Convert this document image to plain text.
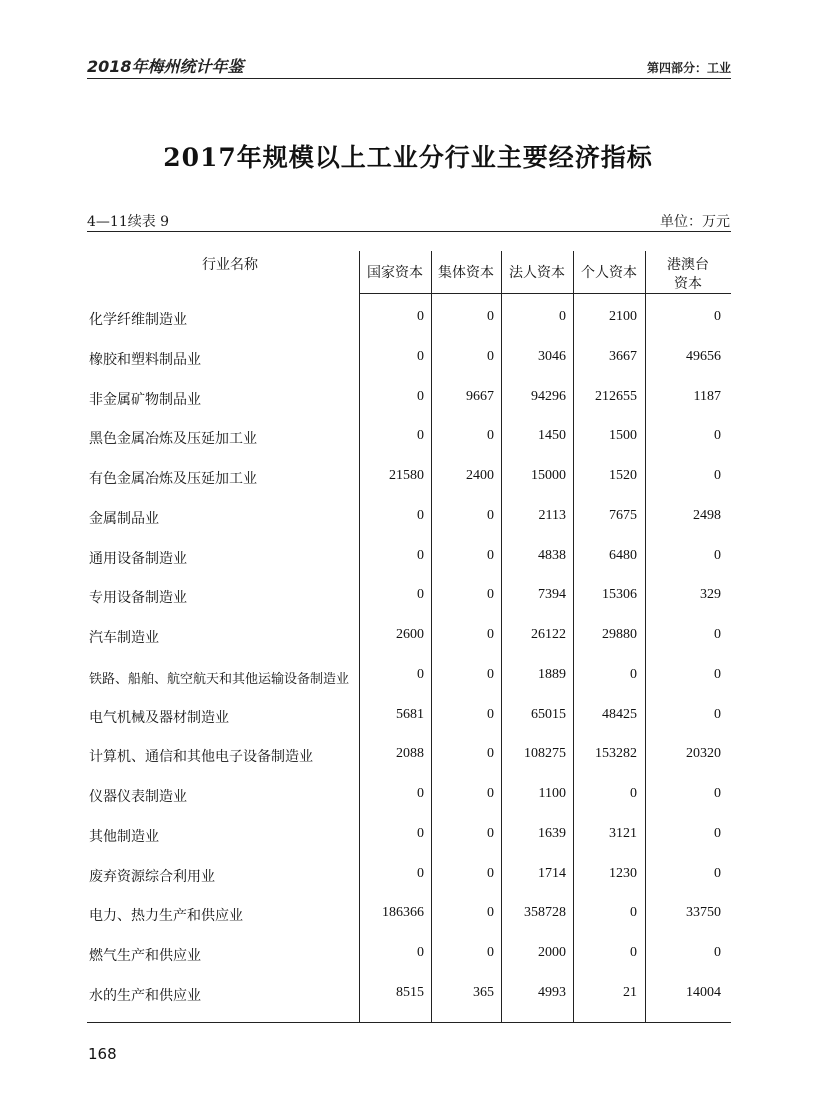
2018年梅州统计年鉴	第四部分：工业
2017年规模以上工业分行业主要经济指标
4—11续表 9	单位：万元
行业名称	国家资本	集体资本	法人资本	个人资本	港澳台
资本
化学纤维制造业	0	0	0	2100	0
橡胶和塑料制品业	0	0	3046	3667	49656
非金属矿物制品业	0	9667	94296	212655	1187
黑色金属冶炼及压延加工业	0	0	1450	1500	0
有色金属冶炼及压延加工业	21580	2400	15000	1520	0
金属制品业	0	0	2113	7675	2498
通用设备制造业	0	0	4838	6480	0
专用设备制造业	0	0	7394	15306	329
汽车制造业	2600	0	26122	29880	0
铁路、船舶、航空航天和其他运输设备制造业	0	0	1889	0	0
电气机械及器材制造业	5681	0	65015	48425	0
计算机、通信和其他电子设备制造业	2088	0	108275	153282	20320
仪器仪表制造业	0	0	1100	0	0
其他制造业	0	0	1639	3121	0
废弃资源综合利用业	0	0	1714	1230	0
电力、热力生产和供应业	186366	0	358728	0	33750
燃气生产和供应业	0	0	2000	0	0
水的生产和供应业	8515	365	4993	21	14004
168
